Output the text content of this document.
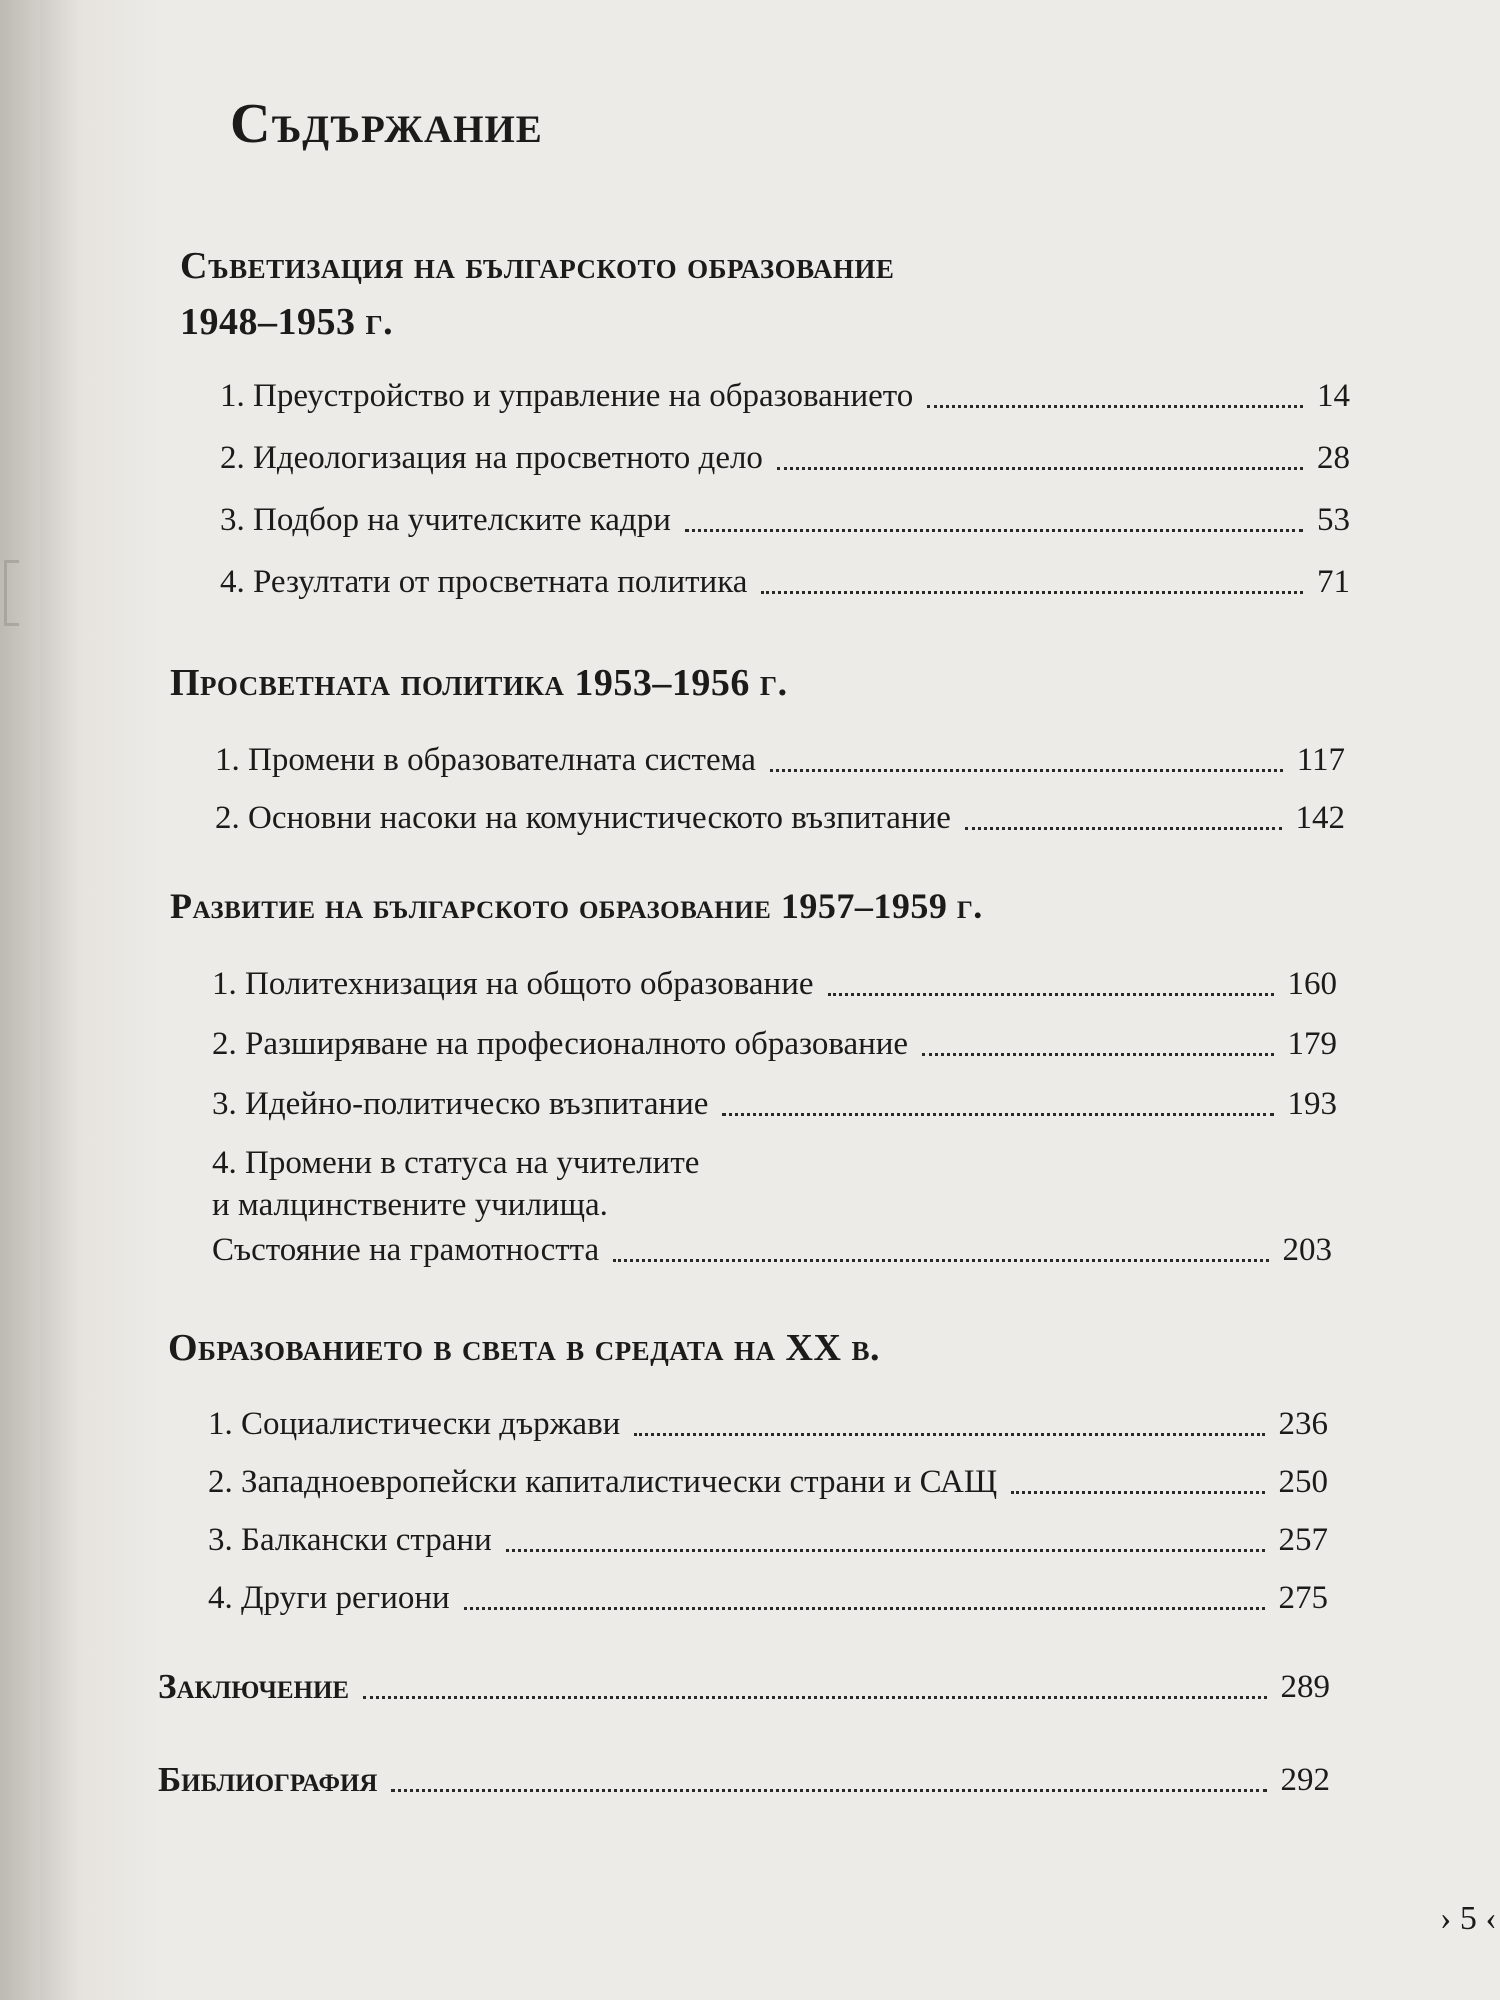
Съдържание
Съветизация на българското образование
1948–1953 г.
1. Преустройство и управление на образованието	14
2. Идеологизация на просветното дело	28
3. Подбор на учителските кадри	53
4. Резултати от просветната политика	71
Просветната политика 1953–1956 г.
1. Промени в образователната система	117
2. Основни насоки на комунистическото възпитание	142
Развитие на българското образование 1957–1959 г.
1. Политехнизация на общото образование	160
2. Разширяване на професионалното образование	179
3. Идейно-политическо възпитание	193
4. Промени в статуса на учителите
и малцинствените училища.
Състояние на грамотността	203
Образованието в света в средата на XX в.
1. Социалистически държави	236
2. Западноевропейски капиталистически страни и САЩ	250
3. Балкански страни	257
4. Други региони	275
Заключение	289
Библиография	292
› 5 ‹
